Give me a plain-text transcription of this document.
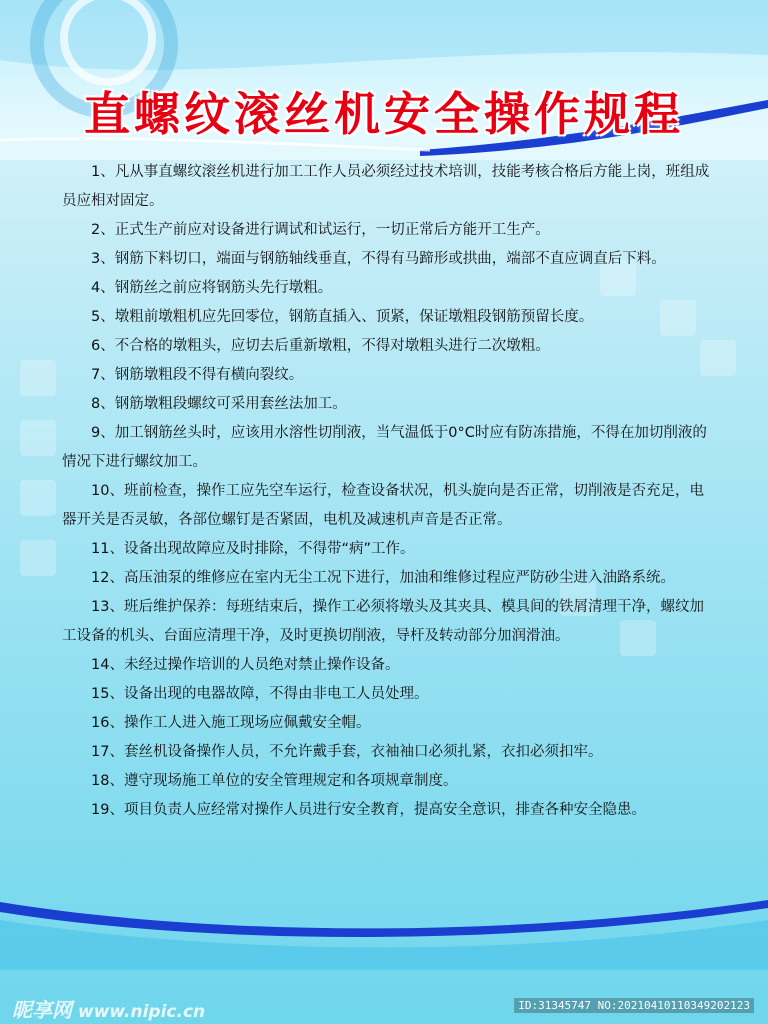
直螺纹滚丝机安全操作规程
1、凡从事直螺纹滚丝机进行加工工作人员必须经过技术培训，技能考核合格后方能上岗，班组成员应相对固定。
2、正式生产前应对设备进行调试和试运行，一切正常后方能开工生产。
3、钢筋下料切口，端面与钢筋轴线垂直，不得有马蹄形或拱曲，端部不直应调直后下料。
4、钢筋丝之前应将钢筋头先行墩粗。
5、墩粗前墩粗机应先回零位，钢筋直插入、顶紧，保证墩粗段钢筋预留长度。
6、不合格的墩粗头，应切去后重新墩粗，不得对墩粗头进行二次墩粗。
7、钢筋墩粗段不得有横向裂纹。
8、钢筋墩粗段螺纹可采用套丝法加工。
9、加工钢筋丝头时，应该用水溶性切削液，当气温低于0°C时应有防冻措施，不得在加切削液的情况下进行螺纹加工。
10、班前检查，操作工应先空车运行，检查设备状况，机头旋向是否正常，切削液是否充足，电器开关是否灵敏，各部位螺钉是否紧固，电机及减速机声音是否正常。
11、设备出现故障应及时排除，不得带“病”工作。
12、高压油泵的维修应在室内无尘工况下进行，加油和维修过程应严防砂尘进入油路系统。
13、班后维护保养：每班结束后，操作工必须将墩头及其夹具、模具间的铁屑清理干净，螺纹加工设备的机头、台面应清理干净，及时更换切削液，导杆及转动部分加润滑油。
14、未经过操作培训的人员绝对禁止操作设备。
15、设备出现的电器故障，不得由非电工人员处理。
16、操作工人进入施工现场应佩戴安全帽。
17、套丝机设备操作人员，不允许戴手套，衣袖袖口必须扎紧，衣扣必须扣牢。
18、遵守现场施工单位的安全管理规定和各项规章制度。
19、项目负责人应经常对操作人员进行安全教育，提高安全意识，排查各种安全隐患。
昵享网 www.nipic.cn	ID:31345747 NO:20210410110349202123
